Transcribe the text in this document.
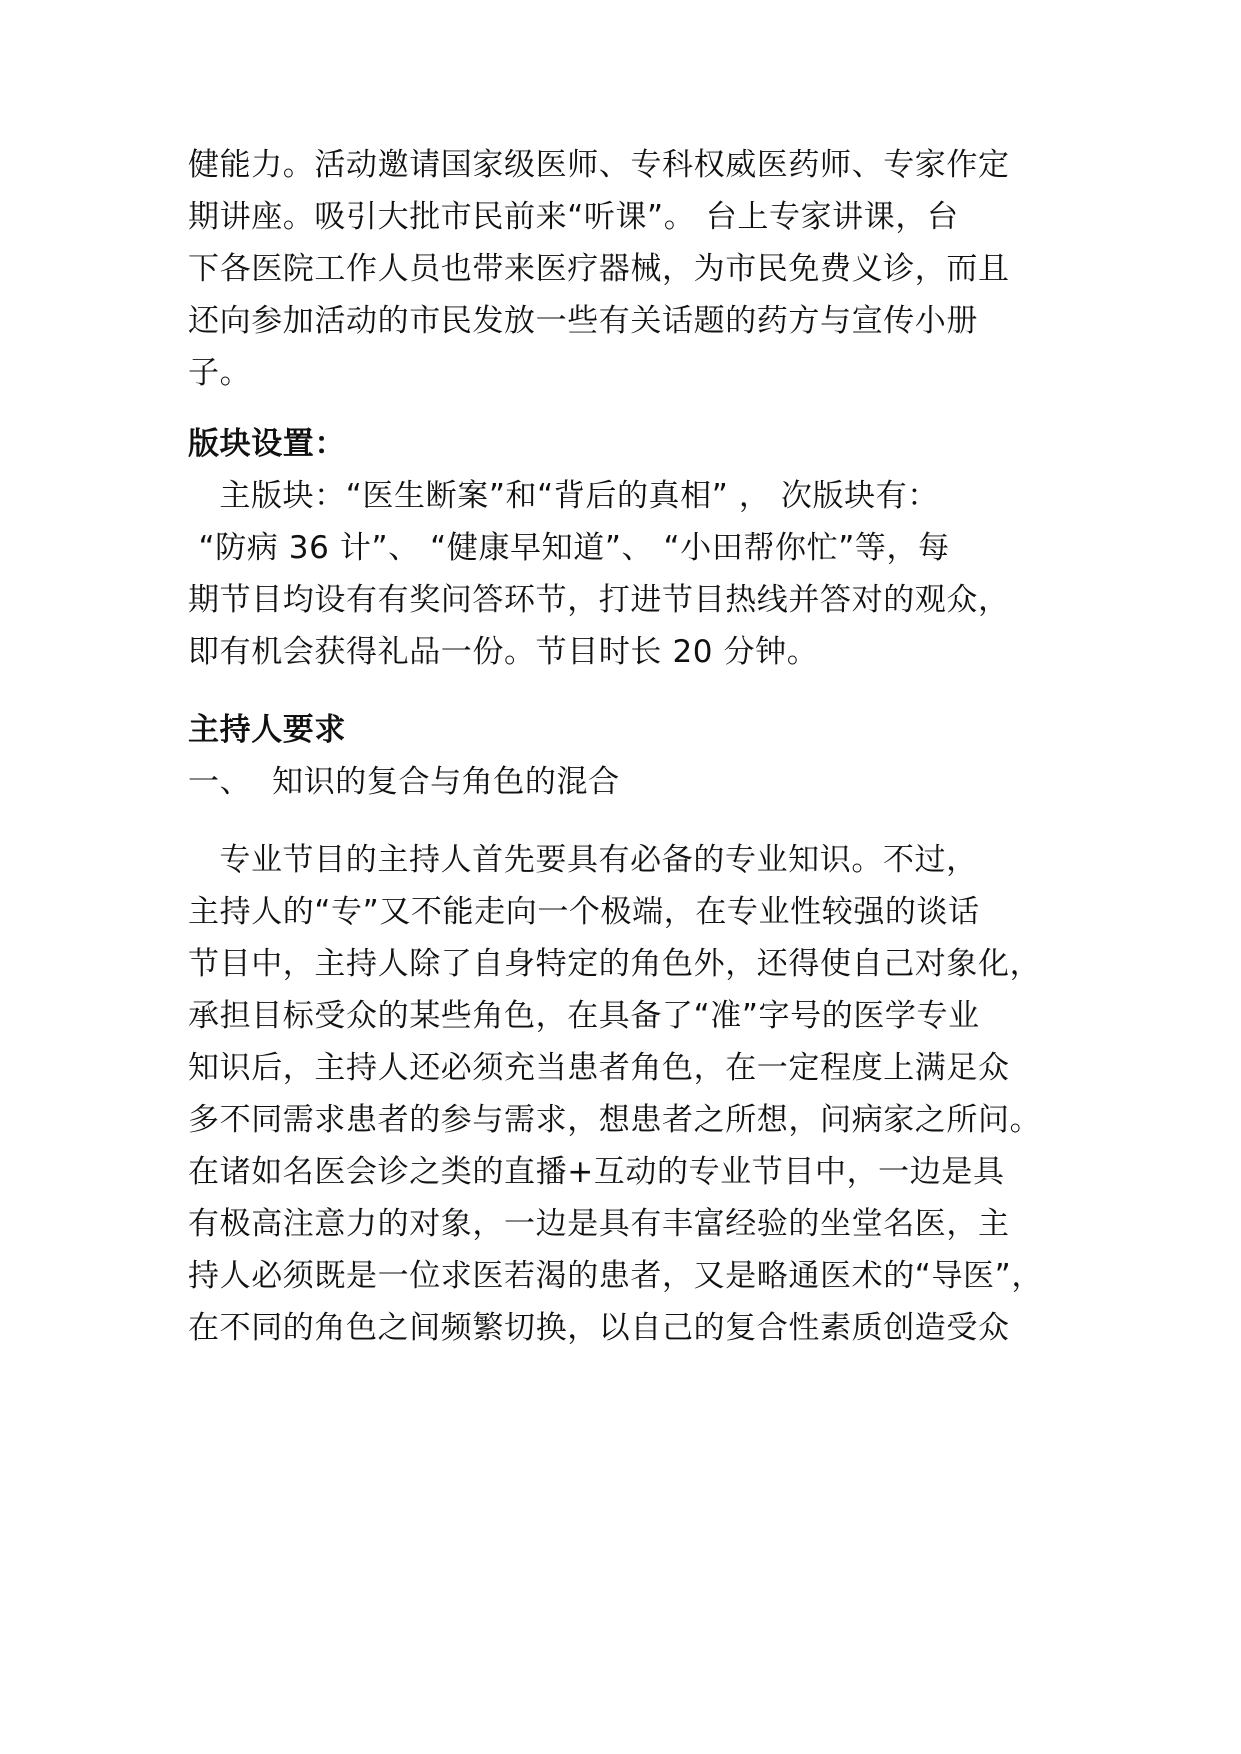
健能力。活动邀请国家级医师、专科权威医药师、专家作定
期讲座。吸引大批市民前来“听课”。 台上专家讲课，台
下各医院工作人员也带来医疗器械，为市民免费义诊，而且
还向参加活动的市民发放一些有关话题的药方与宣传小册
子。
版块设置：
主版块：“医生断案”和“背后的真相” ， 次版块有：
“防病 36 计”、 “健康早知道”、 “小田帮你忙”等，每
期节目均设有有奖问答环节，打进节目热线并答对的观众，
即有机会获得礼品一份。节目时长 20 分钟。
主持人要求
一、  知识的复合与角色的混合
专业节目的主持人首先要具有必备的专业知识。不过，
主持人的“专”又不能走向一个极端，在专业性较强的谈话
节目中，主持人除了自身特定的角色外，还得使自己对象化，
承担目标受众的某些角色，在具备了“准”字号的医学专业
知识后，主持人还必须充当患者角色，在一定程度上满足众
多不同需求患者的参与需求，想患者之所想，问病家之所问。
在诸如名医会诊之类的直播+互动的专业节目中，一边是具
有极高注意力的对象，一边是具有丰富经验的坐堂名医，主
持人必须既是一位求医若渴的患者，又是略通医术的“导医”，
在不同的角色之间频繁切换，以自己的复合性素质创造受众
